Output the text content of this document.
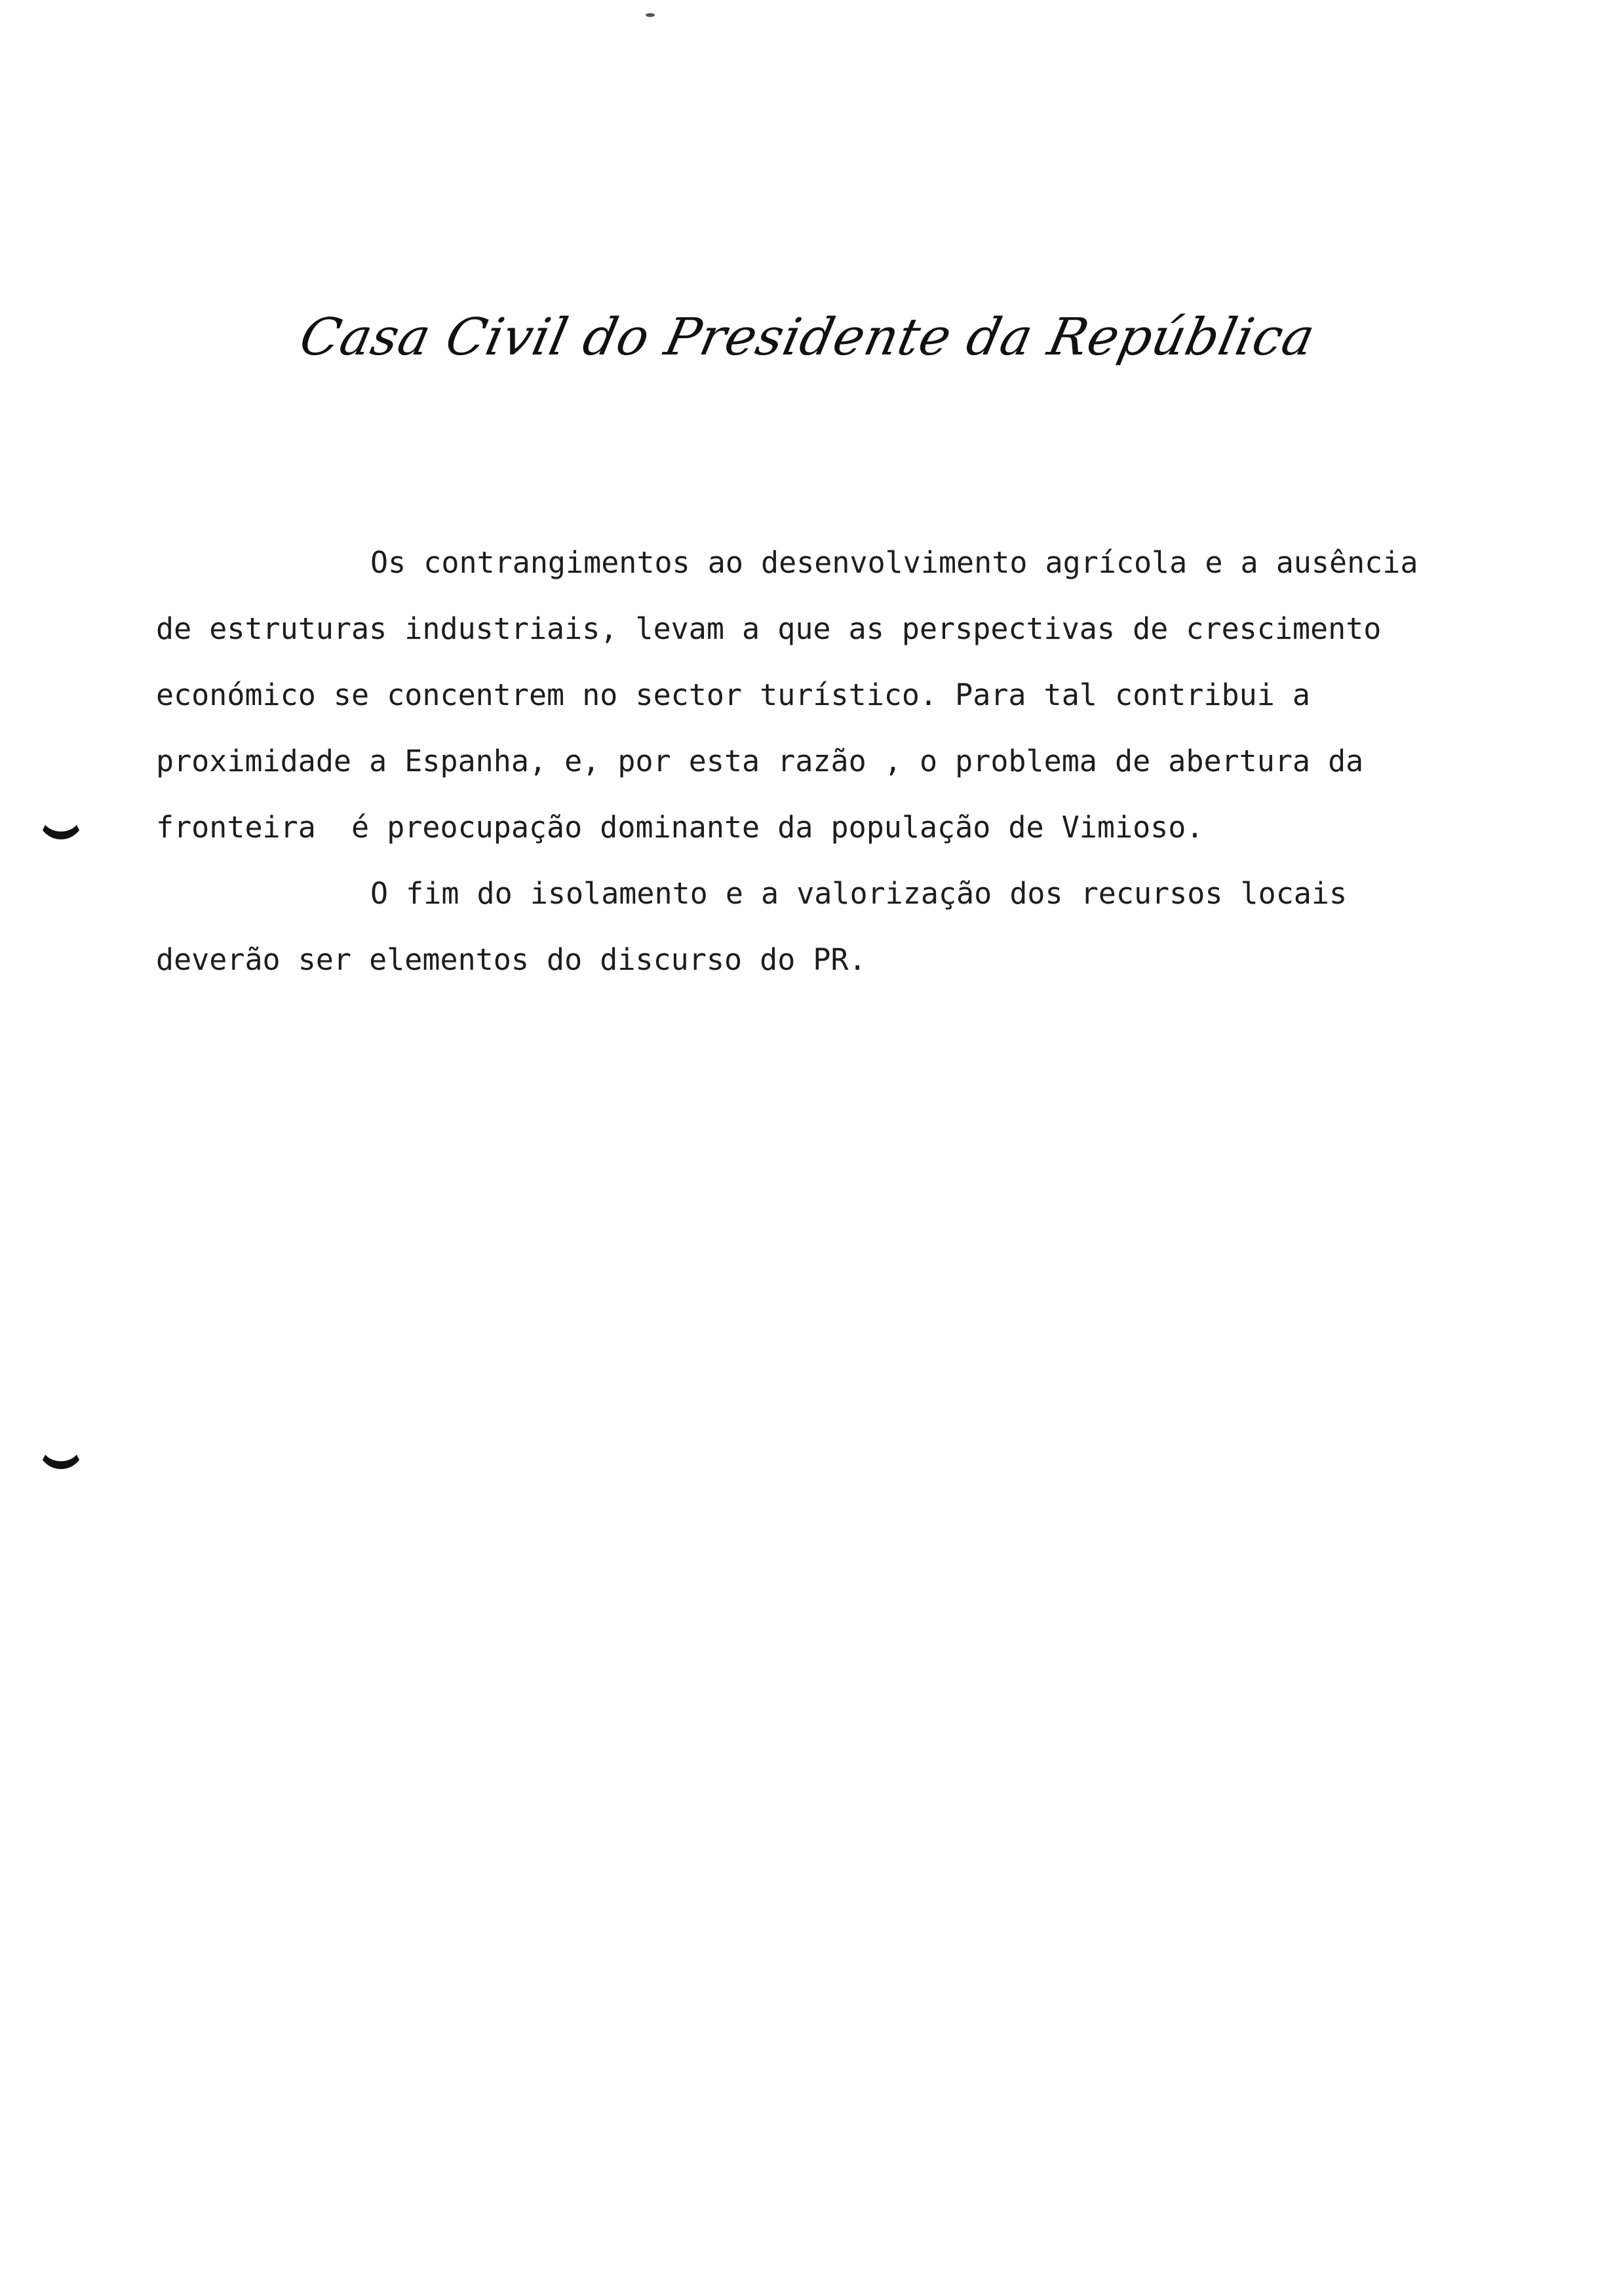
Casa Civil do Presidente da República

Os contrangimentos ao desenvolvimento agrícola e a ausência
de estruturas industriais, levam a que as perspectivas de crescimento
económico se concentrem no sector turístico. Para tal contribui a
proximidade a Espanha, e, por esta razão , o problema de abertura da
fronteira  é preocupação dominante da população de Vimioso.

O fim do isolamento e a valorização dos recursos locais
deverão ser elementos do discurso do PR.
